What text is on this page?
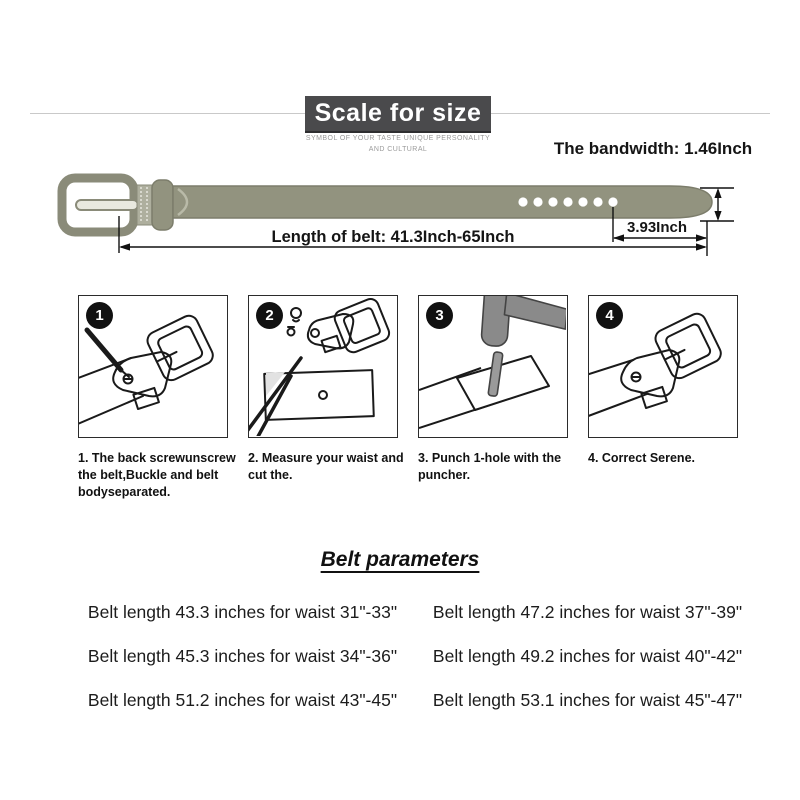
Scale for size
SYMBOL OF YOUR TASTE UNIQUE PERSONALITY
AND CULTURAL	The bandwidth: 1.46Inch
Length of belt: 41.3Inch-65Inch
3.93Inch
1	2	3	4
1. The back screwunscrew the belt,Buckle and belt bodyseparated.
2. Measure your waist and cut the.
3. Punch 1-hole with the puncher.
4. Correct Serene.
Belt parameters
Belt length 43.3 inches for waist 31"-33"	Belt length 47.2 inches for waist 37"-39"
Belt length 45.3 inches for waist 34"-36"	Belt length 49.2 inches for waist 40"-42"
Belt length 51.2 inches for waist 43"-45"	Belt length 53.1 inches for waist 45"-47"
